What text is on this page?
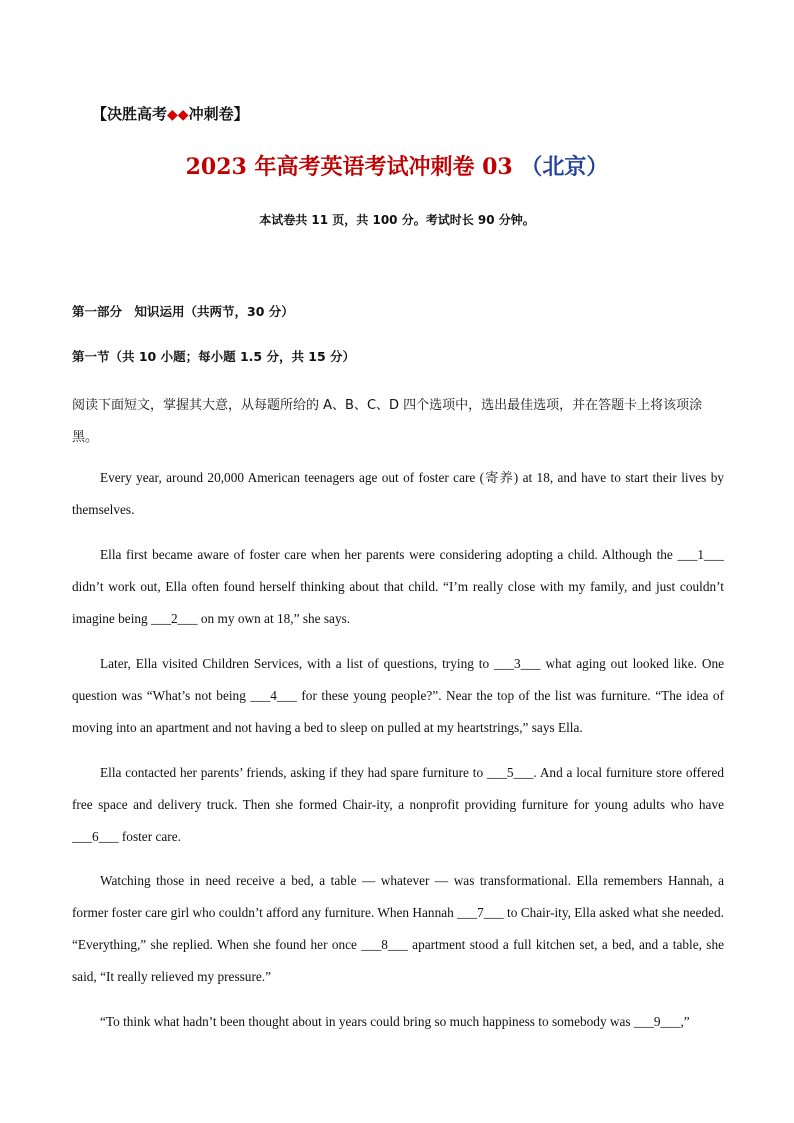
【决胜高考◆◆冲刺卷】
2023 年高考英语考试冲刺卷 03 （北京）
本试卷共 11 页，共 100 分。考试时长 90 分钟。
第一部分　知识运用（共两节，30 分）
第一节（共 10 小题；每小题 1.5 分，共 15 分）
阅读下面短文，掌握其大意，从每题所给的 A、B、C、D 四个选项中，选出最佳选项，并在答题卡上将该项涂黑。
Every year, around 20,000 American teenagers age out of foster care (寄养) at 18, and have to start their lives by themselves.
Ella first became aware of foster care when her parents were considering adopting a child. Although the ___1___ didn’t work out, Ella often found herself thinking about that child. “I’m really close with my family, and just couldn’t imagine being ___2___ on my own at 18,” she says.
Later, Ella visited Children Services, with a list of questions, trying to ___3___ what aging out looked like. One question was “What’s not being ___4___ for these young people?”. Near the top of the list was furniture. “The idea of moving into an apartment and not having a bed to sleep on pulled at my heartstrings,” says Ella.
Ella contacted her parents’ friends, asking if they had spare furniture to ___5___. And a local furniture store offered free space and delivery truck. Then she formed Chair-ity, a nonprofit providing furniture for young adults who have ___6___ foster care.
Watching those in need receive a bed, a table — whatever — was transformational. Ella remembers Hannah, a former foster care girl who couldn’t afford any furniture. When Hannah ___7___ to Chair-ity, Ella asked what she needed. “Everything,” she replied. When she found her once ___8___ apartment stood a full kitchen set, a bed, and a table, she said, “It really relieved my pressure.”
“To think what hadn’t been thought about in years could bring so much happiness to somebody was ___9___,”
